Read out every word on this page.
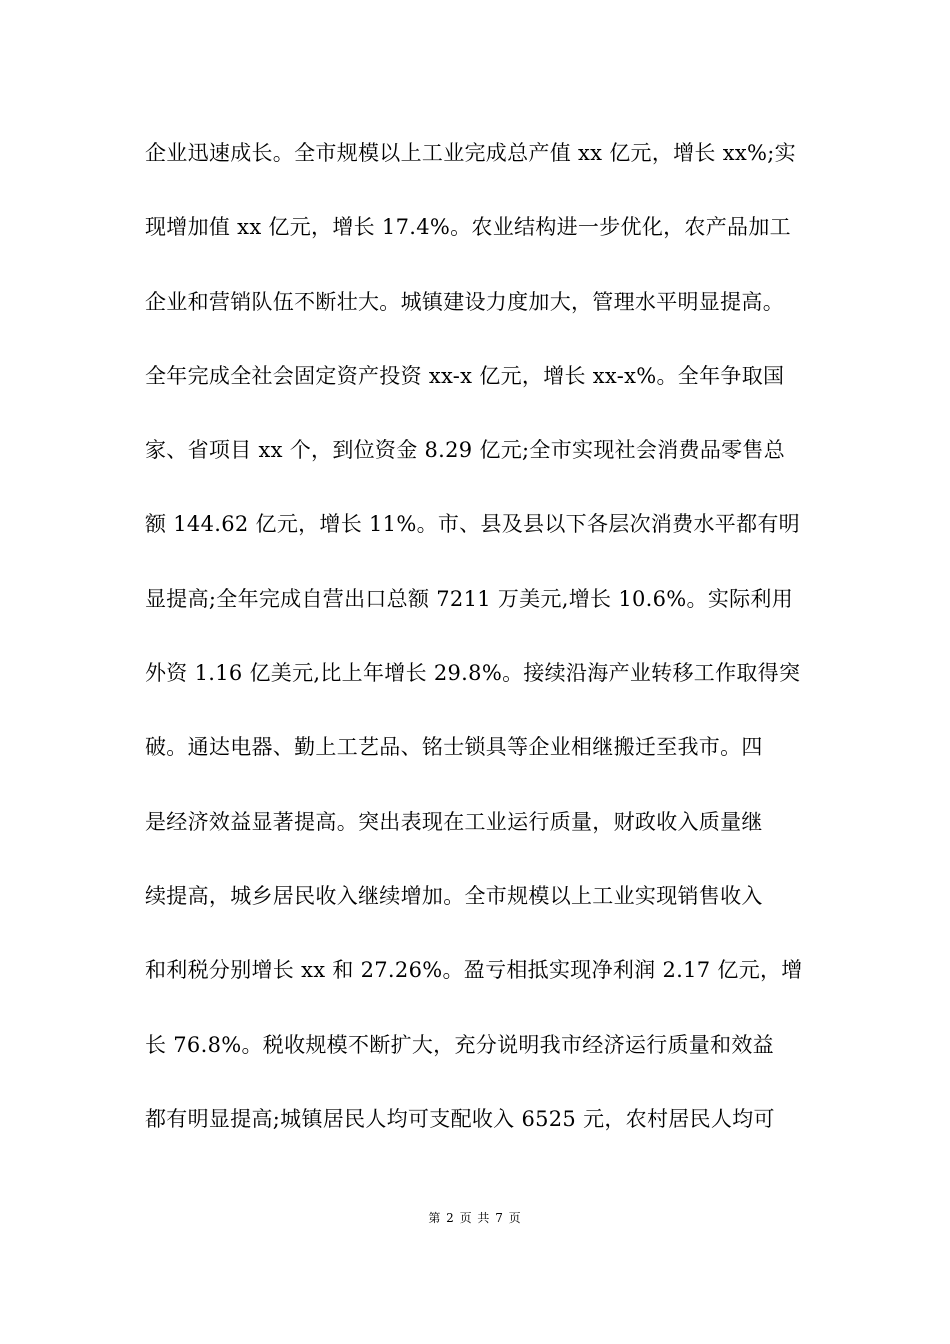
企业迅速成长。全市规模以上工业完成总产值 xx 亿元，增长 xx%;实
现增加值 xx 亿元，增长 17.4%。农业结构进一步优化，农产品加工
企业和营销队伍不断壮大。城镇建设力度加大，管理水平明显提高。
全年完成全社会固定资产投资 xx-x 亿元，增长 xx-x%。全年争取国
家、省项目 xx 个，到位资金 8.29 亿元;全市实现社会消费品零售总
额 144.62 亿元，增长 11%。市、县及县以下各层次消费水平都有明
显提高;全年完成自营出口总额 7211 万美元,增长 10.6%。实际利用
外资 1.16 亿美元,比上年增长 29.8%。接续沿海产业转移工作取得突
破。通达电器、勤上工艺品、铭士锁具等企业相继搬迁至我市。四
是经济效益显著提高。突出表现在工业运行质量，财政收入质量继
续提高，城乡居民收入继续增加。全市规模以上工业实现销售收入
和利税分别增长 xx 和 27.26%。盈亏相抵实现净利润 2.17 亿元，增
长 76.8%。税收规模不断扩大，充分说明我市经济运行质量和效益
都有明显提高;城镇居民人均可支配收入 6525 元，农村居民人均可
第 2 页 共 7 页
